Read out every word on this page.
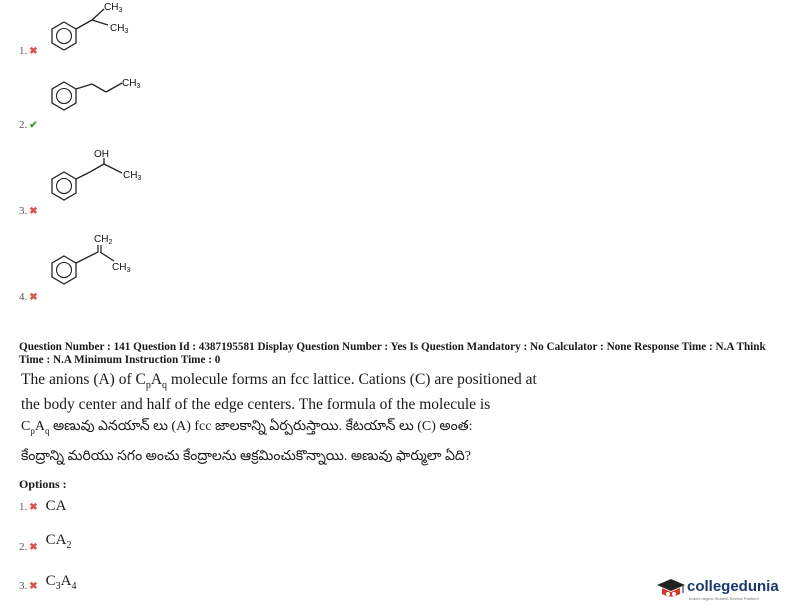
$CH_3$
$CH_3$
1. ✖
$CH_3$
2. ✔
OH
$CH_3$
3. ✖
$CH_2$
$CH_3$
4. ✖
Question Number : 141 Question Id : 4387195581 Display Question Number : Yes Is Question Mandatory : No Calculator : None Response Time : N.A Think Time : N.A Minimum Instruction Time : 0
The anions (A) of $C_pA_q$ molecule forms an fcc lattice. Cations (C) are positioned at
the body center and half of the edge centers. The formula of the molecule is
$C_pA_q$ అణువు ఎనయాన్ లు (A) fcc జాలకాన్ని ఏర్పరుస్తాయి. కేటయాన్ లు (C) అంత:
కేంద్రాన్ని మరియు సగం అంచు కేంద్రాలను ఆక్రమించుకొన్నాయి. అణువు ఫార్ములా ఏది?
Options :
1. ✖ CA
2. ✖ $CA_2$
3. ✖ $C_3A_4$	collegedunia
India's largest Student Review Platform
